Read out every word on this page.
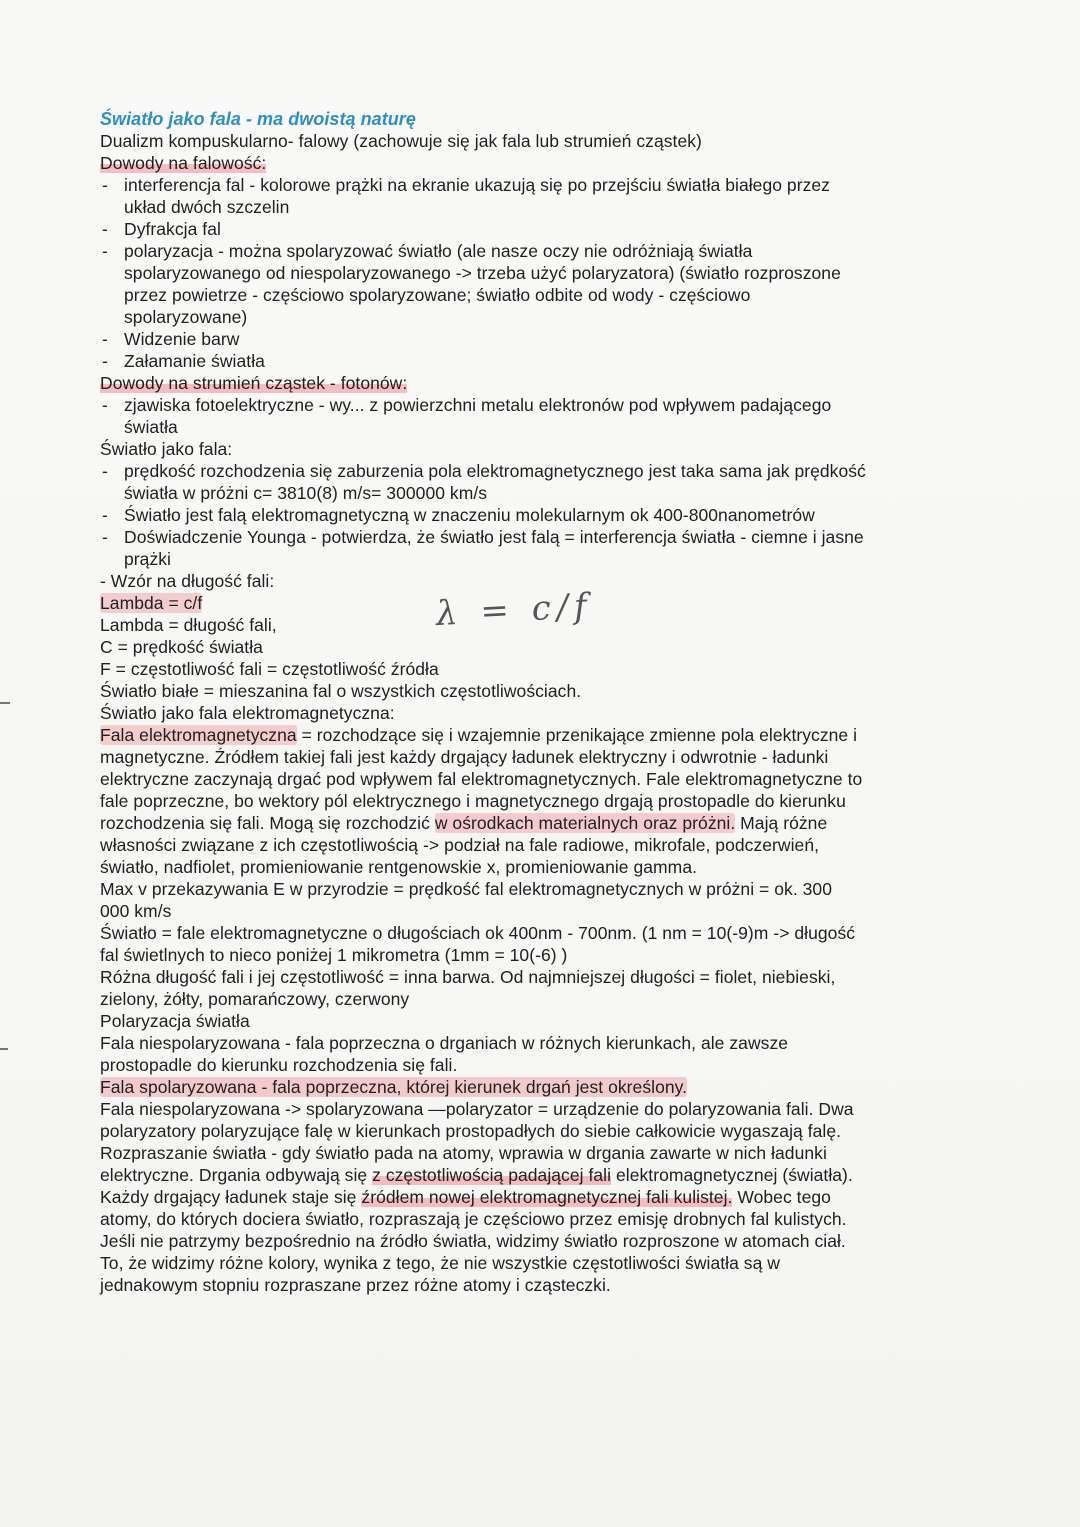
Światło jako fala - ma dwoistą naturę
Dualizm kompuskularno- falowy (zachowuje się jak fala lub strumień cząstek)
Dowody na falowość:
- interferencja fal - kolorowe prążki na ekranie ukazują się po przejściu światła białego przez
układ dwóch szczelin
- Dyfrakcja fal
- polaryzacja - można spolaryzować światło (ale nasze oczy nie odróżniają światła
spolaryzowanego od niespolaryzowanego -> trzeba użyć polaryzatora) (światło rozproszone
przez powietrze - częściowo spolaryzowane; światło odbite od wody - częściowo
spolaryzowane)
- Widzenie barw
- Załamanie światła
Dowody na strumień cząstek - fotonów:
- zjawiska fotoelektryczne - wy... z powierzchni metalu elektronów pod wpływem padającego
światła
Światło jako fala:
- prędkość rozchodzenia się zaburzenia pola elektromagnetycznego jest taka sama jak prędkość
światła w próżni c= 3810(8) m/s= 300000 km/s
- Światło jest falą elektromagnetyczną w znaczeniu molekularnym ok 400-800nanometrów
- Doświadczenie Younga - potwierdza, że światło jest falą = interferencja światła - ciemne i jasne
prążki
- Wzór na długość fali:
Lambda = c/f
Lambda = długość fali,
C = prędkość światła
F = częstotliwość fali = częstotliwość źródła
Światło białe = mieszanina fal o wszystkich częstotliwościach.
Światło jako fala elektromagnetyczna:
Fala elektromagnetyczna = rozchodzące się i wzajemnie przenikające zmienne pola elektryczne i
magnetyczne. Źródłem takiej fali jest każdy drgający ładunek elektryczny i odwrotnie - ładunki
elektryczne zaczynają drgać pod wpływem fal elektromagnetycznych. Fale elektromagnetyczne to
fale poprzeczne, bo wektory pól elektrycznego i magnetycznego drgają prostopadle do kierunku
rozchodzenia się fali. Mogą się rozchodzić w ośrodkach materialnych oraz próżni. Mają różne
własności związane z ich częstotliwością -> podział na fale radiowe, mikrofale, podczerwień,
światło, nadfiolet, promieniowanie rentgenowskie x, promieniowanie gamma.
Max v przekazywania E w przyrodzie = prędkość fal elektromagnetycznych w próżni = ok. 300
000 km/s
Światło = fale elektromagnetyczne o długościach ok 400nm - 700nm. (1 nm = 10(-9)m -> długość
fal świetlnych to nieco poniżej 1 mikrometra (1mm = 10(-6) )
Różna długość fali i jej częstotliwość = inna barwa. Od najmniejszej długości = fiolet, niebieski,
zielony, żółty, pomarańczowy, czerwony
Polaryzacja światła
Fala niespolaryzowana - fala poprzeczna o drganiach w różnych kierunkach, ale zawsze
prostopadle do kierunku rozchodzenia się fali.
Fala spolaryzowana - fala poprzeczna, której kierunek drgań jest określony.
Fala niespolaryzowana -> spolaryzowana —polaryzator = urządzenie do polaryzowania fali. Dwa
polaryzatory polaryzujące falę w kierunkach prostopadłych do siebie całkowicie wygaszają falę.
Rozpraszanie światła - gdy światło pada na atomy, wprawia w drgania zawarte w nich ładunki
elektryczne. Drgania odbywają się z częstotliwością padającej fali elektromagnetycznej (światła).
Każdy drgający ładunek staje się źródłem nowej elektromagnetycznej fali kulistej. Wobec tego
atomy, do których dociera światło, rozpraszają je częściowo przez emisję drobnych fal kulistych.
Jeśli nie patrzymy bezpośrednio na źródło światła, widzimy światło rozproszone w atomach ciał.
To, że widzimy różne kolory, wynika z tego, że nie wszystkie częstotliwości światła są w
jednakowym stopniu rozpraszane przez różne atomy i cząsteczki.
λ = c/f
